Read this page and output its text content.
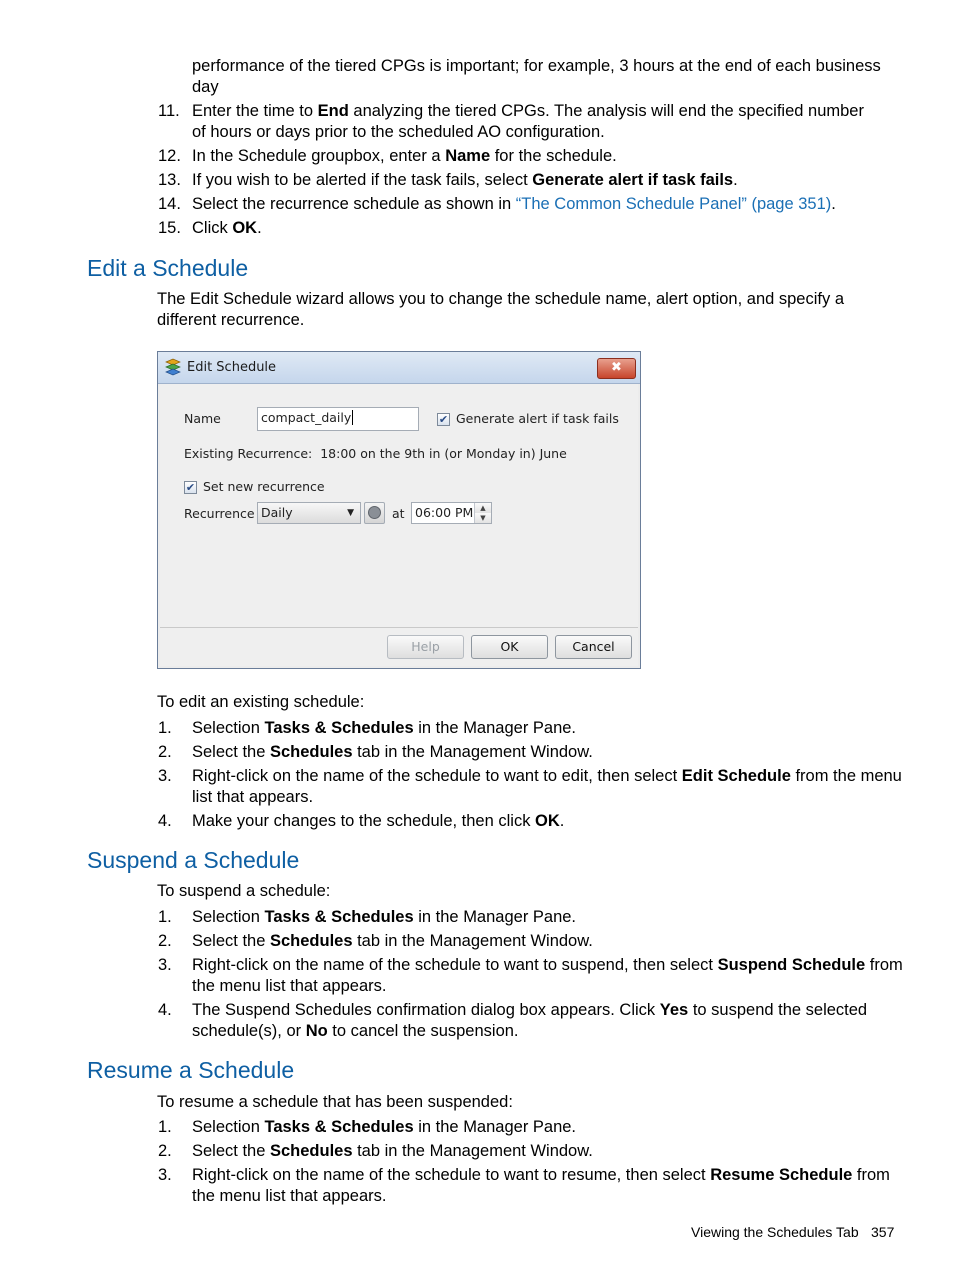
performance of the tiered CPGs is important; for example, 3 hours at the end of each business
day
11. Enter the time to End analyzing the tiered CPGs. The analysis will end the specified number
of hours or days prior to the scheduled AO configuration.
12. In the Schedule groupbox, enter a Name for the schedule.
13. If you wish to be alerted if the task fails, select Generate alert if task fails.
14. Select the recurrence schedule as shown in “The Common Schedule Panel” (page 351).
15. Click OK.
Edit a Schedule
The Edit Schedule wizard allows you to change the schedule name, alert option, and specify a
different recurrence.
Edit Schedule	✖
Name	compact_daily	✔ Generate alert if task fails
Existing Recurrence: 18:00 on the 9th in (or Monday in) June
✔ Set new recurrence
Recurrence Daily	▼	at 06:00 PM ▲
▼
Help	OK	Cancel
To edit an existing schedule:
1.	Selection Tasks & Schedules in the Manager Pane.
2.	Select the Schedules tab in the Management Window.
3.	Right-click on the name of the schedule to want to edit, then select Edit Schedule from the menu
list that appears.
4.	Make your changes to the schedule, then click OK.
Suspend a Schedule
To suspend a schedule:
1.	Selection Tasks & Schedules in the Manager Pane.
2.	Select the Schedules tab in the Management Window.
3.	Right-click on the name of the schedule to want to suspend, then select Suspend Schedule from
the menu list that appears.
4.	The Suspend Schedules confirmation dialog box appears. Click Yes to suspend the selected
schedule(s), or No to cancel the suspension.
Resume a Schedule
To resume a schedule that has been suspended:
1.	Selection Tasks & Schedules in the Manager Pane.
2.	Select the Schedules tab in the Management Window.
3.	Right-click on the name of the schedule to want to resume, then select Resume Schedule from
the menu list that appears.
Viewing the Schedules Tab 357
